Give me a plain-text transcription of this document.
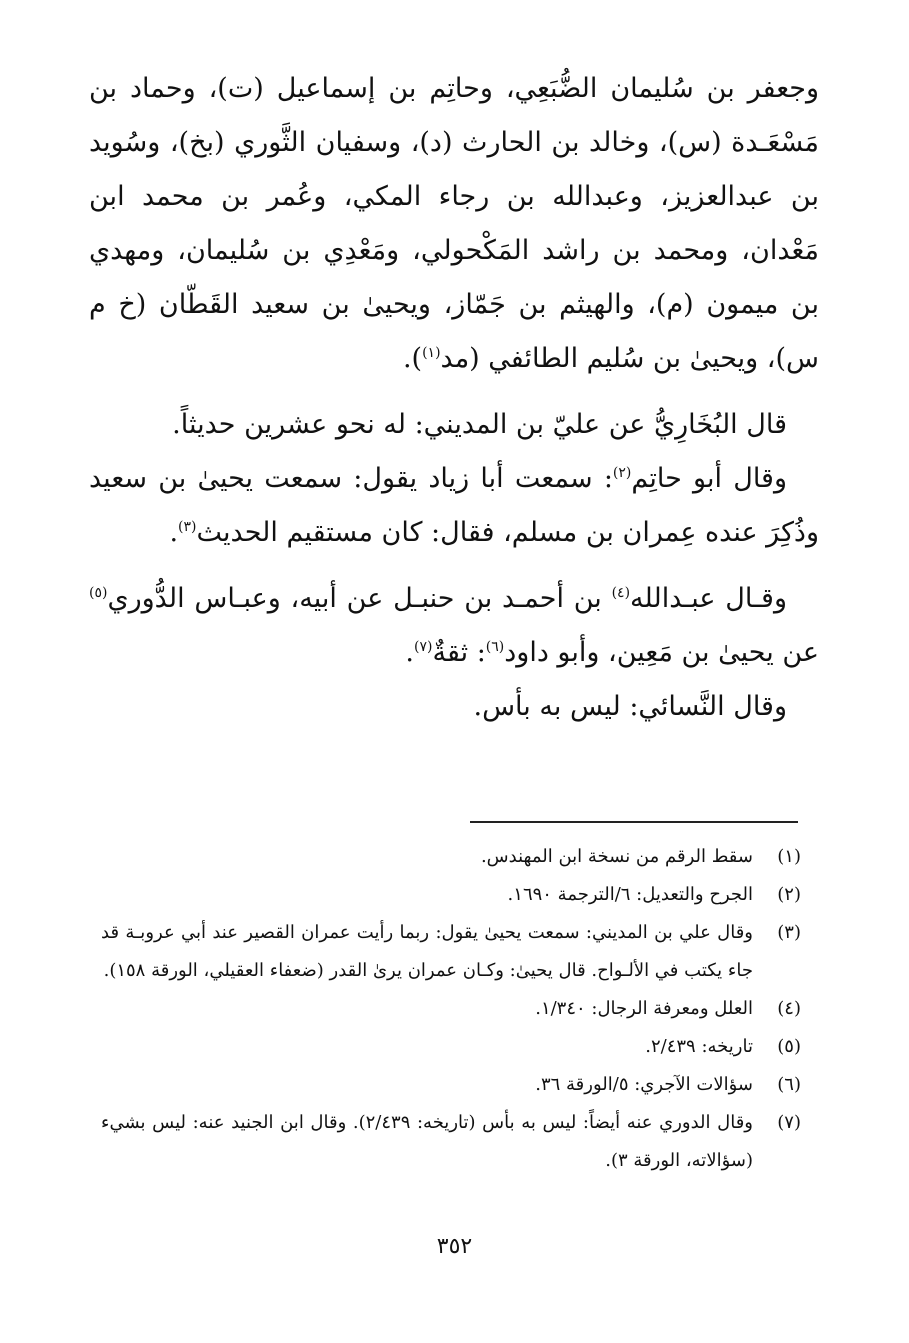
وجعفر بن سُليمان الضُّبَعِي، وحاتِم بن إسماعيل (ت)، وحماد بن مَسْعَـدة (س)، وخالد بن الحارث (د)، وسفيان الثَّوري (بخ)، وسُويد بن عبدالعزيز، وعبدالله بن رجاء المكي، وعُمر بن محمد ابن مَعْدان، ومحمد بن راشد المَكْحولي، ومَعْدِي بن سُليمان، ومهدي بن ميمون (م)، والهيثم بن جَمّاز، ويحيىٰ بن سعيد القَطّان (خ م س)، ويحيىٰ بن سُليم الطائفي (مد$^{(١)}$).

قال البُخَارِيُّ عن عليّ بن المديني: له نحو عشرين حديثاً.

وقال أبو حاتِم$^{(٢)}$: سمعت أبا زياد يقول: سمعت يحيىٰ بن سعيد وذُكِرَ عنده عِمران بن مسلم، فقال: كان مستقيم الحديث$^{(٣)}$.

وقـال عبـدالله$^{(٤)}$ بن أحمـد بن حنبـل عن أبيه، وعبـاس الدُّوري$^{(٥)}$ عن يحيىٰ بن مَعِين، وأبو داود$^{(٦)}$: ثقةٌ$^{(٧)}$.

وقال النَّسائي: ليس به بأس.

(١)
سقط الرقم من نسخة ابن المهندس.
(٢)
الجرح والتعديل: ٦/الترجمة ١٦٩٠.
(٣)
وقال علي بن المديني: سمعت يحيىٰ يقول: ربما رأيت عمران القصير عند أبي عروبـة قد جاء يكتب في الألـواح. قال يحيىٰ: وكـان عمران يرىٰ القدر (ضعفاء العقيلي، الورقة ١٥٨).
(٤)
العلل ومعرفة الرجال: ١/٣٤٠.
(٥)
تاريخه: ٢/٤٣٩.
(٦)
سؤالات الآجري: ٥/الورقة ٣٦.
(٧)
وقال الدوري عنه أيضاً: ليس به بأس (تاريخه: ٢/٤٣٩). وقال ابن الجنيد عنه: ليس بشيء (سؤالاته، الورقة ٣).
٣٥٢
